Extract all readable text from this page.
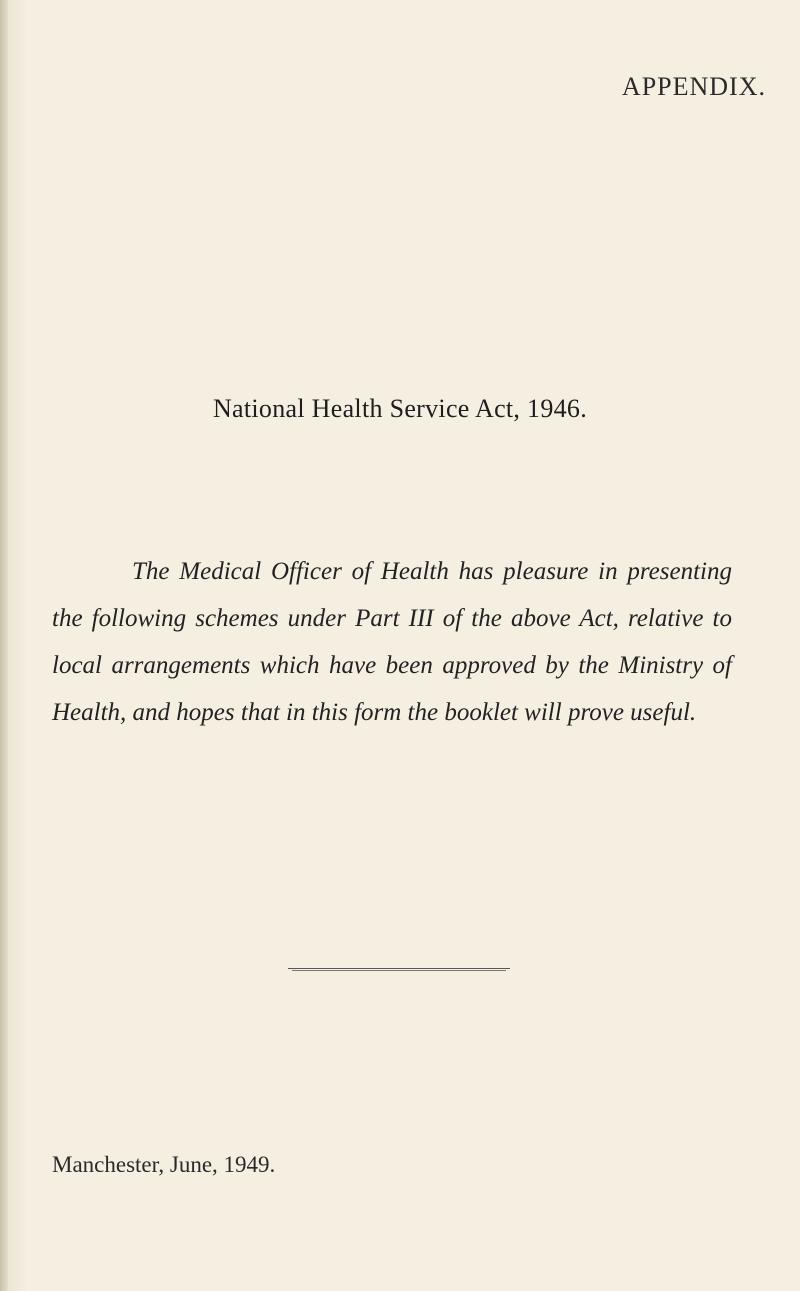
APPENDIX.
National Health Service Act, 1946.

The Medical Officer of Health has pleasure in presenting the following schemes under Part III of the above Act, relative to local arrangements which have been approved by the Ministry of Health, and hopes that in this form the booklet will prove useful.

Manchester, June, 1949.
